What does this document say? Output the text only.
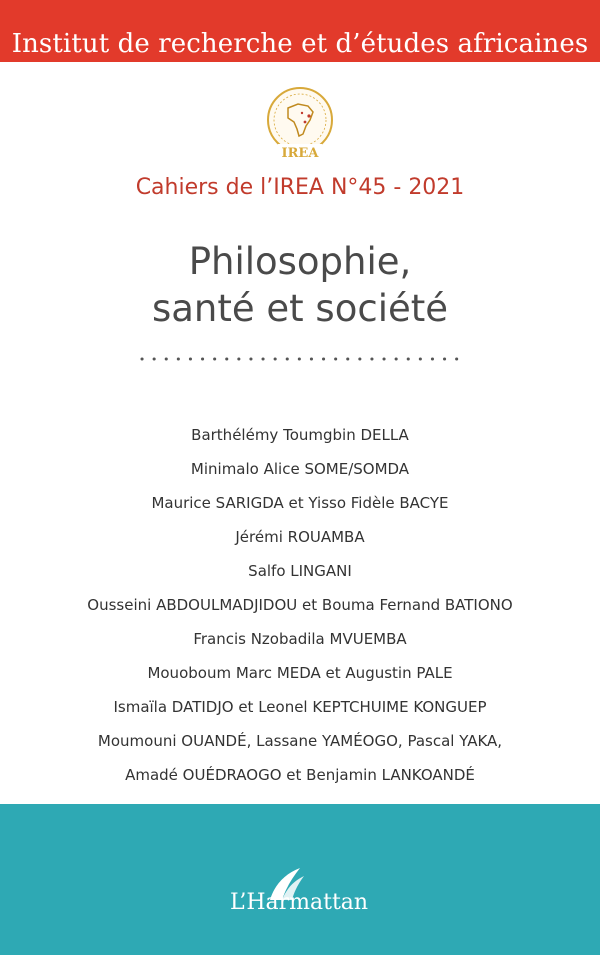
Institut de recherche et d’études africaines
IREA
Cahiers de l’IREA N°45 - 2021
Philosophie,
santé et société
Barthélémy Toumgbin DELLA
Minimalo Alice SOME/SOMDA
Maurice SARIGDA et Yisso Fidèle BACYE
Jérémi ROUAMBA
Salfo LINGANI
Ousseini ABDOULMADJIDOU et Bouma Fernand BATIONO
Francis Nzobadila MVUEMBA
Mouoboum Marc MEDA et Augustin PALE
Ismaïla DATIDJO et Leonel KEPTCHUIME KONGUEP
Moumouni OUANDÉ, Lassane YAMÉOGO, Pascal YAKA,
Amadé OUÉDRAOGO et Benjamin LANKOANDÉ
L’Harmattan
